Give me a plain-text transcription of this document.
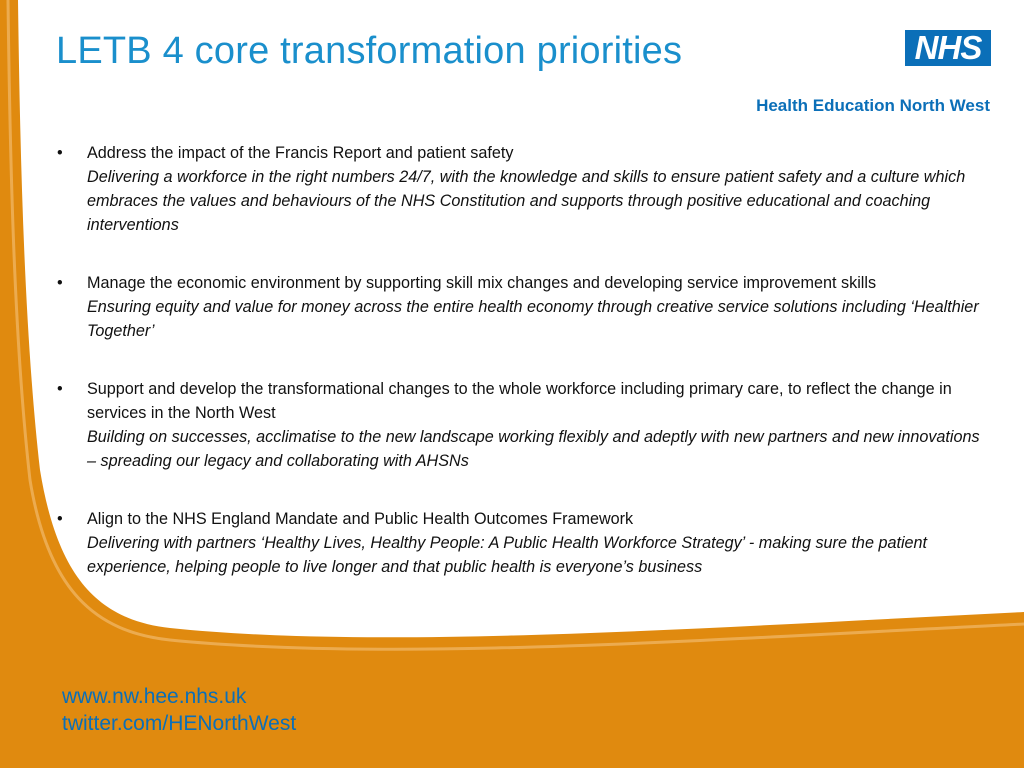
LETB 4 core transformation priorities	NHS
Health Education North West
• Address the impact of the Francis Report and patient safety
Delivering a workforce in the right numbers 24/7, with the knowledge and skills to ensure patient safety and a culture which embraces the values and behaviours of the NHS Constitution and supports through positive educational and coaching interventions
• Manage the economic environment by supporting skill mix changes and developing service improvement skills
Ensuring equity and value for money across the entire health economy through creative service solutions including ‘Healthier Together’
• Support and develop the transformational changes to the whole workforce including primary care, to reflect the change in services in the North West
Building on successes, acclimatise to the new landscape working flexibly and adeptly with new partners and new innovations – spreading our legacy and collaborating with AHSNs
• Align to the NHS England Mandate and Public Health Outcomes Framework
Delivering with partners ‘Healthy Lives, Healthy People: A Public Health Workforce Strategy’ - making sure the patient experience, helping people to live longer and that public health is everyone’s business
www.nw.hee.nhs.uk
twitter.com/HENorthWest
